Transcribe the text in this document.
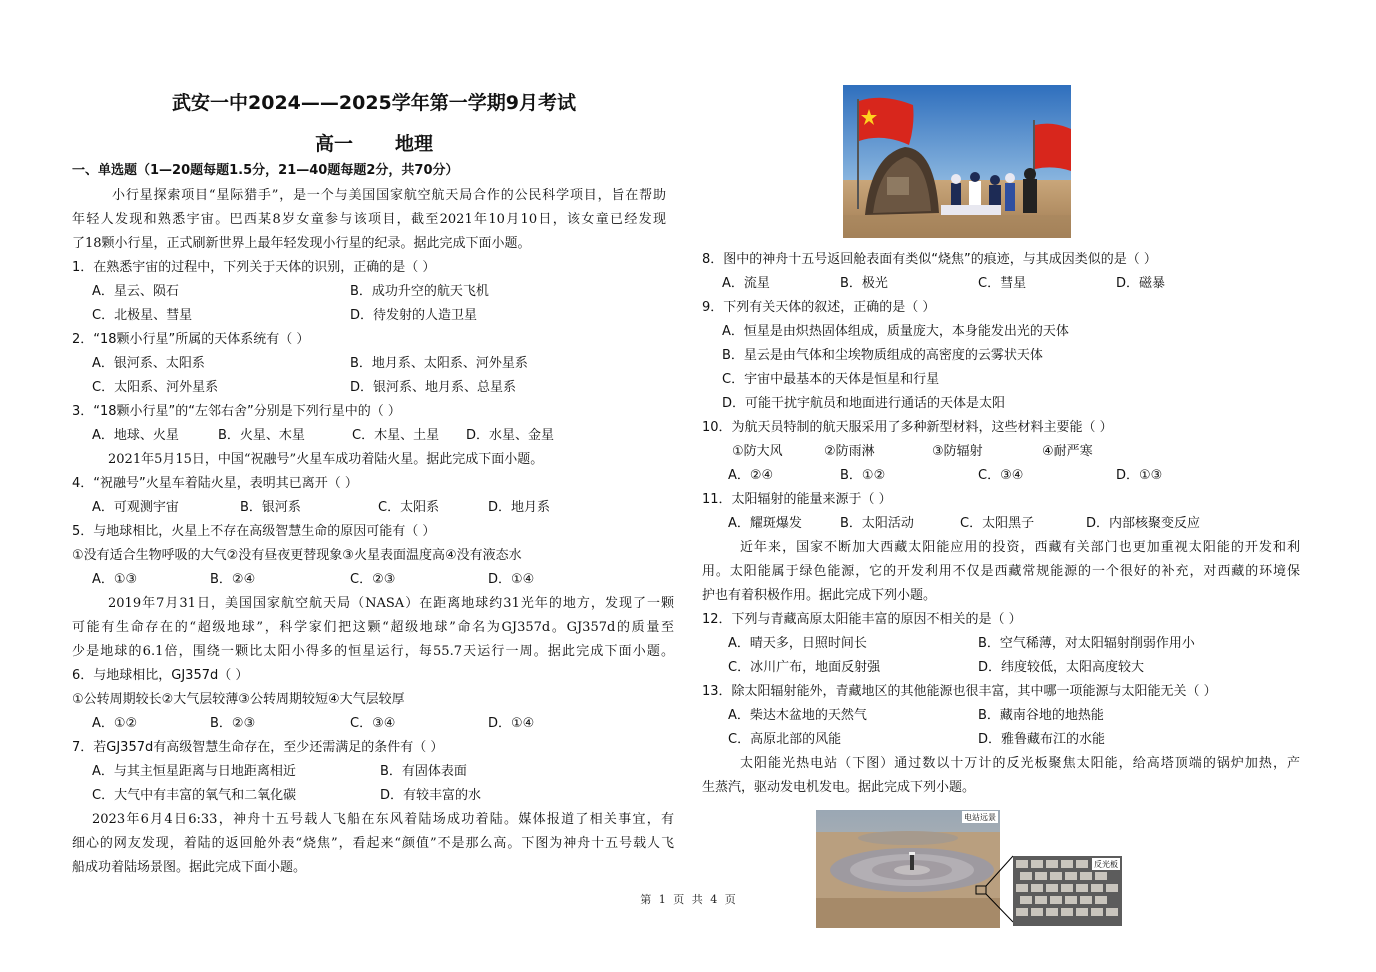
武安一中2024——2025学年第一学期9月考试
高一 地理
一、单选题（1—20题每题1.5分，21—40题每题2分，共70分）
小行星探索项目“星际猎手”，是一个与美国国家航空航天局合作的公民科学项目，旨在帮助
年轻人发现和熟悉宇宙。巴西某8岁女童参与该项目，截至2021年10月10日，该女童已经发现
了18颗小行星，正式刷新世界上最年轻发现小行星的纪录。据此完成下面小题。
1．在熟悉宇宙的过程中，下列关于天体的识别，正确的是（ ）
A．星云、陨石	B．成功升空的航天飞机
C．北极星、彗星	D．待发射的人造卫星
2．“18颗小行星”所属的天体系统有（ ）
A．银河系、太阳系	B．地月系、太阳系、河外星系
C．太阳系、河外星系	D．银河系、地月系、总星系
3．“18颗小行星”的“左邻右舍”分别是下列行星中的（ ）
A．地球、火星	B．火星、木星	C．木星、土星 D．水星、金星
2021年5月15日，中国“祝融号”火星车成功着陆火星。据此完成下面小题。
4．“祝融号”火星车着陆火星，表明其已离开（ ）
A．可观测宇宙	B．银河系	C．太阳系	D．地月系
5．与地球相比，火星上不存在高级智慧生命的原因可能有（ ）
①没有适合生物呼吸的大气②没有昼夜更替现象③火星表面温度高④没有液态水
A．①③	B．②④	C．②③	D．①④
2019年7月31日，美国国家航空航天局（NASA）在距离地球约31光年的地方，发现了一颗
可能有生命存在的“超级地球”，科学家们把这颗“超级地球”命名为GJ357d。GJ357d的质量至
少是地球的6.1倍，围绕一颗比太阳小得多的恒星运行，每55.7天运行一周。据此完成下面小题。
6．与地球相比，GJ357d（ ）
①公转周期较长②大气层较薄③公转周期较短④大气层较厚
A．①②	B．②③	C．③④	D．①④
7．若GJ357d有高级智慧生命存在，至少还需满足的条件有（ ）
A．与其主恒星距离与日地距离相近	B．有固体表面
C．大气中有丰富的氧气和二氧化碳	D．有较丰富的水
2023年6月4日6:33，神舟十五号载人飞船在东风着陆场成功着陆。媒体报道了相关事宜，有
细心的网友发现，着陆的返回舱外表“烧焦”，看起来“颜值”不是那么高。下图为神舟十五号载人飞
船成功着陆场景图。据此完成下面小题。
8．图中的神舟十五号返回舱表面有类似“烧焦”的痕迹，与其成因类似的是（ ）
A．流星	B．极光	C．彗星	D．磁暴
9．下列有关天体的叙述，正确的是（ ）
A．恒星是由炽热固体组成，质量庞大，本身能发出光的天体
B．星云是由气体和尘埃物质组成的高密度的云雾状天体
C．宇宙中最基本的天体是恒星和行星
D．可能干扰宇航员和地面进行通话的天体是太阳
10．为航天员特制的航天服采用了多种新型材料，这些材料主要能（ ）
①防大风	②防雨淋	③防辐射	④耐严寒
A．②④	B．①②	C．③④	D．①③
11．太阳辐射的能量来源于（ ）
A．耀斑爆发	B．太阳活动	C．太阳黑子	D．内部核聚变反应
近年来，国家不断加大西藏太阳能应用的投资，西藏有关部门也更加重视太阳能的开发和利
用。太阳能属于绿色能源，它的开发利用不仅是西藏常规能源的一个很好的补充，对西藏的环境保
护也有着积极作用。据此完成下列小题。
12．下列与青藏高原太阳能丰富的原因不相关的是（ ）
A．晴天多，日照时间长	B．空气稀薄，对太阳辐射削弱作用小
C．冰川广布，地面反射强	D．纬度较低，太阳高度较大
13．除太阳辐射能外，青藏地区的其他能源也很丰富，其中哪一项能源与太阳能无关（ ）
A．柴达木盆地的天然气	B．藏南谷地的地热能
C．高原北部的风能	D．雅鲁藏布江的水能
太阳能光热电站（下图）通过数以十万计的反光板聚焦太阳能，给高塔顶端的锅炉加热，产
生蒸汽，驱动发电机发电。据此完成下列小题。
电站远景
反光板
第 1 页 共 4 页
